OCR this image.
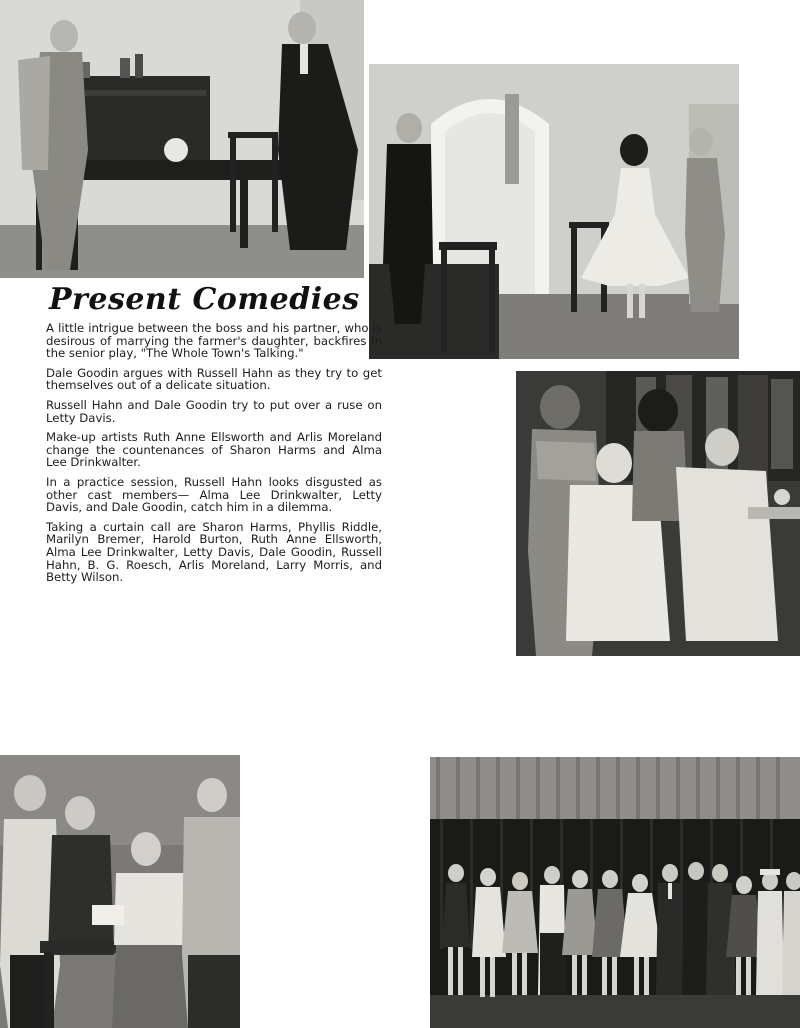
Present Comedies

A little intrigue between the boss and his partner, who is desirous of marrying the farmer's daughter, backfires in the senior play, "The Whole Town's Talking."

Dale Goodin argues with Russell Hahn as they try to get themselves out of a delicate situation.

Russell Hahn and Dale Goodin try to put over a ruse on Letty Davis.

Make-up artists Ruth Anne Ellsworth and Arlis Moreland change the countenances of Sharon Harms and Alma Lee Drinkwalter.

In a practice session, Russell Hahn looks disgusted as other cast members— Alma Lee Drinkwalter, Letty Davis, and Dale Goodin, catch him in a dilemma.

Taking a curtain call are Sharon Harms, Phyllis Riddle, Marilyn Bremer, Harold Burton, Ruth Anne Ellsworth, Alma Lee Drinkwalter, Letty Davis, Dale Goodin, Russell Hahn, B. G. Roesch, Arlis Moreland, Larry Morris, and Betty Wilson.
